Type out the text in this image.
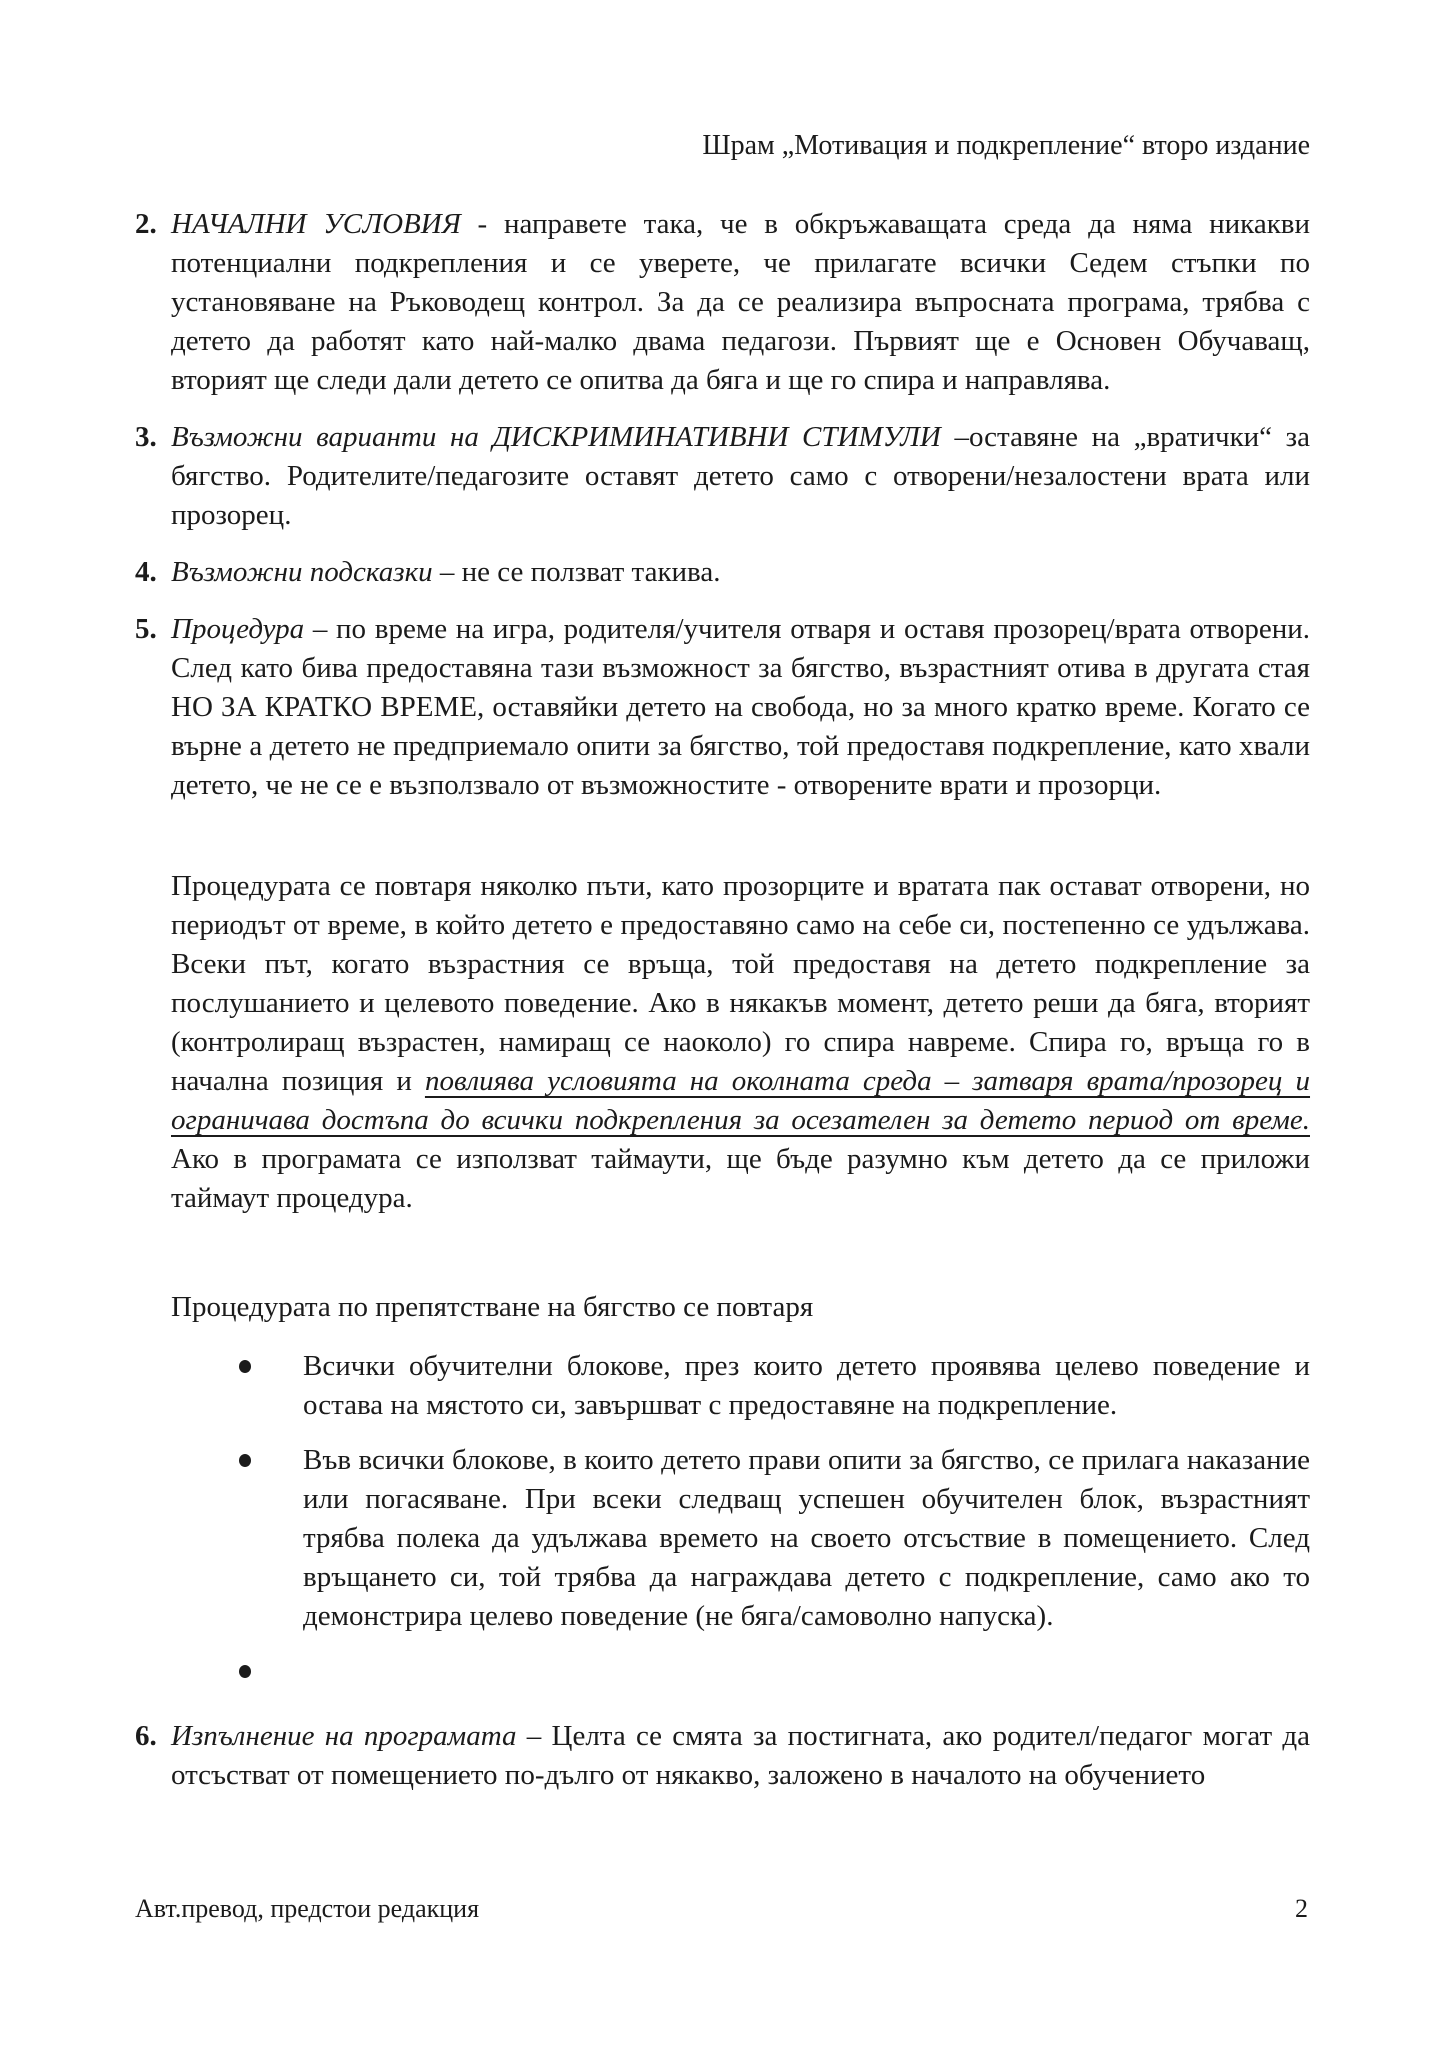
Шрам „Мотивация и подкрепление“ второ издание
2. НАЧАЛНИ УСЛОВИЯ - направете така, че в обкръжаващата среда да няма никакви потенциални подкрепления и се уверете, че прилагате всички Седем стъпки по установяване на Ръководещ контрол. За да се реализира въпросната програма, трябва с детето да работят като най-малко двама педагози. Първият ще е Основен Обучаващ, вторият ще следи дали детето се опитва да бяга и ще го спира и направлява.
3. Възможни варианти на ДИСКРИМИНАТИВНИ СТИМУЛИ –оставяне на „вратички“ за бягство. Родителите/педагозите оставят детето само с отворени/незалостени врата или прозорец.
4. Възможни подсказки – не се ползват такива.
5. Процедура – по време на игра, родителя/учителя отваря и оставя прозорец/врата отворени. След като бива предоставяна тази възможност за бягство, възрастният отива в другата стая НО ЗА КРАТКО ВРЕМЕ, оставяйки детето на свобода, но за много кратко време. Когато се върне а детето не предприемало опити за бягство, той предоставя подкрепление, като хвали детето, че не се е възползвало от възможностите - отворените врати и прозорци.
Процедурата се повтаря няколко пъти, като прозорците и вратата пак остават отворени, но периодът от време, в който детето е предоставяно само на себе си, постепенно се удължава. Всеки път, когато възрастния се връща, той предоставя на детето подкрепление за послушанието и целевото поведение. Ако в някакъв момент, детето реши да бяга, вторият (контролиращ възрастен, намиращ се наоколо) го спира навреме. Спира го, връща го в начална позиция и повлиява условията на околната среда – затваря врата/прозорец и ограничава достъпа до всички подкрепления за осезателен за детето период от време. Ако в програмата се използват таймаути, ще бъде разумно към детето да се приложи таймаут процедура.
Процедурата по препятстване на бягство се повтаря
Всички обучителни блокове, през които детето проявява целево поведение и остава на мястото си, завършват с предоставяне на подкрепление.
Във всички блокове, в които детето прави опити за бягство, се прилага наказание или погасяване. При всеки следващ успешен обучителен блок, възрастният трябва полека да удължава времето на своето отсъствие в помещението. След връщането си, той трябва да награждава детето с подкрепление, само ако то демонстрира целево поведение (не бяга/самоволно напуска).
6. Изпълнение на програмата – Целта се смята за постигната, ако родител/педагог могат да отсъстват от помещението по-дълго от някакво, заложено в началото на обучението
Авт.превод, предстои редакция	2
